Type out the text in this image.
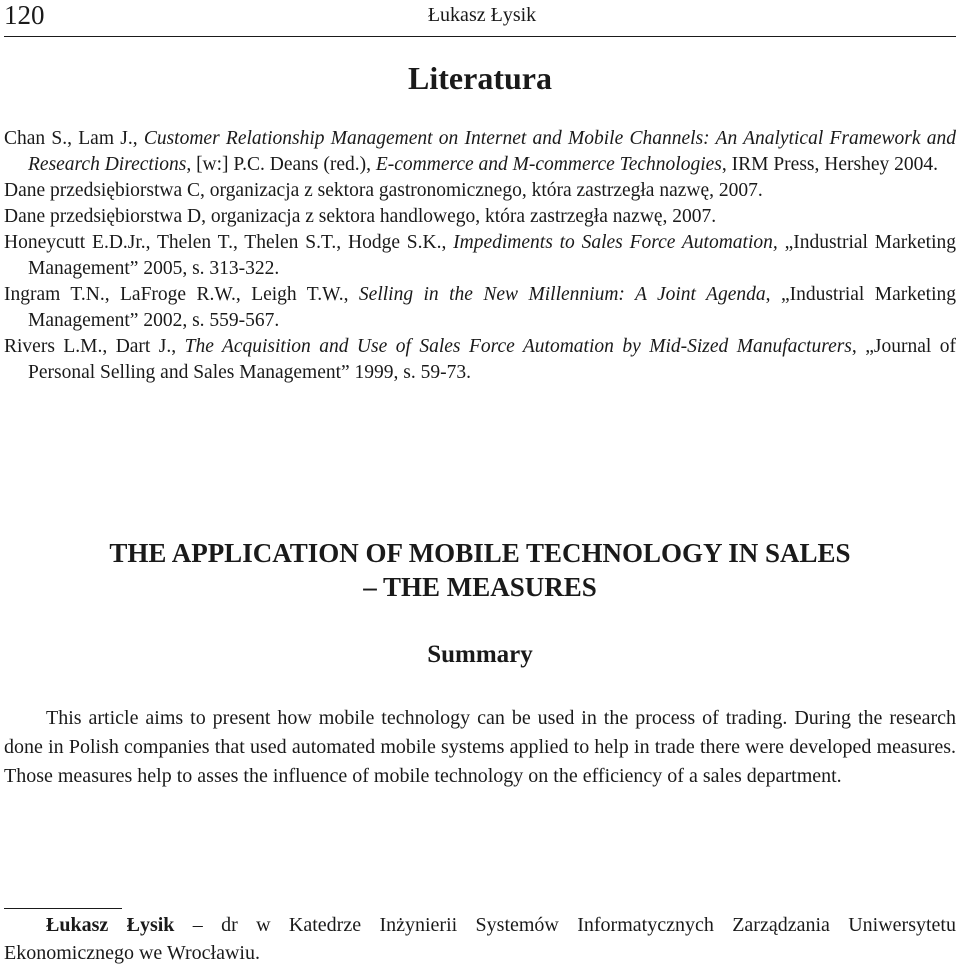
120	Łukasz Łysik
Literatura
Chan S., Lam J., Customer Relationship Management on Internet and Mobile Channels: An Analytical Framework and Research Directions, [w:] P.C. Deans (red.), E-commerce and M-commerce Technologies, IRM Press, Hershey 2004.
Dane przedsiębiorstwa C, organizacja z sektora gastronomicznego, która zastrzegła nazwę, 2007.
Dane przedsiębiorstwa D, organizacja z sektora handlowego, która zastrzegła nazwę, 2007.
Honeycutt E.D.Jr., Thelen T., Thelen S.T., Hodge S.K., Impediments to Sales Force Automation, „Industrial Marketing Management” 2005, s. 313-322.
Ingram T.N., LaFroge R.W., Leigh T.W., Selling in the New Millennium: A Joint Agenda, „Industrial Marketing Management” 2002, s. 559-567.
Rivers L.M., Dart J., The Acquisition and Use of Sales Force Automation by Mid-Sized Manufacturers, „Journal of Personal Selling and Sales Management” 1999, s. 59-73.
THE APPLICATION OF MOBILE TECHNOLOGY IN SALES
– THE MEASURES
Summary

This article aims to present how mobile technology can be used in the process of trading. During the research done in Polish companies that used automated mobile systems applied to help in trade there were developed measures. Those measures help to asses the influence of mobile technology on the efficiency of a sales department.

Łukasz Łysik – dr w Katedrze Inżynierii Systemów Informatycznych Zarządzania Uniwersytetu Ekonomicznego we Wrocławiu.
